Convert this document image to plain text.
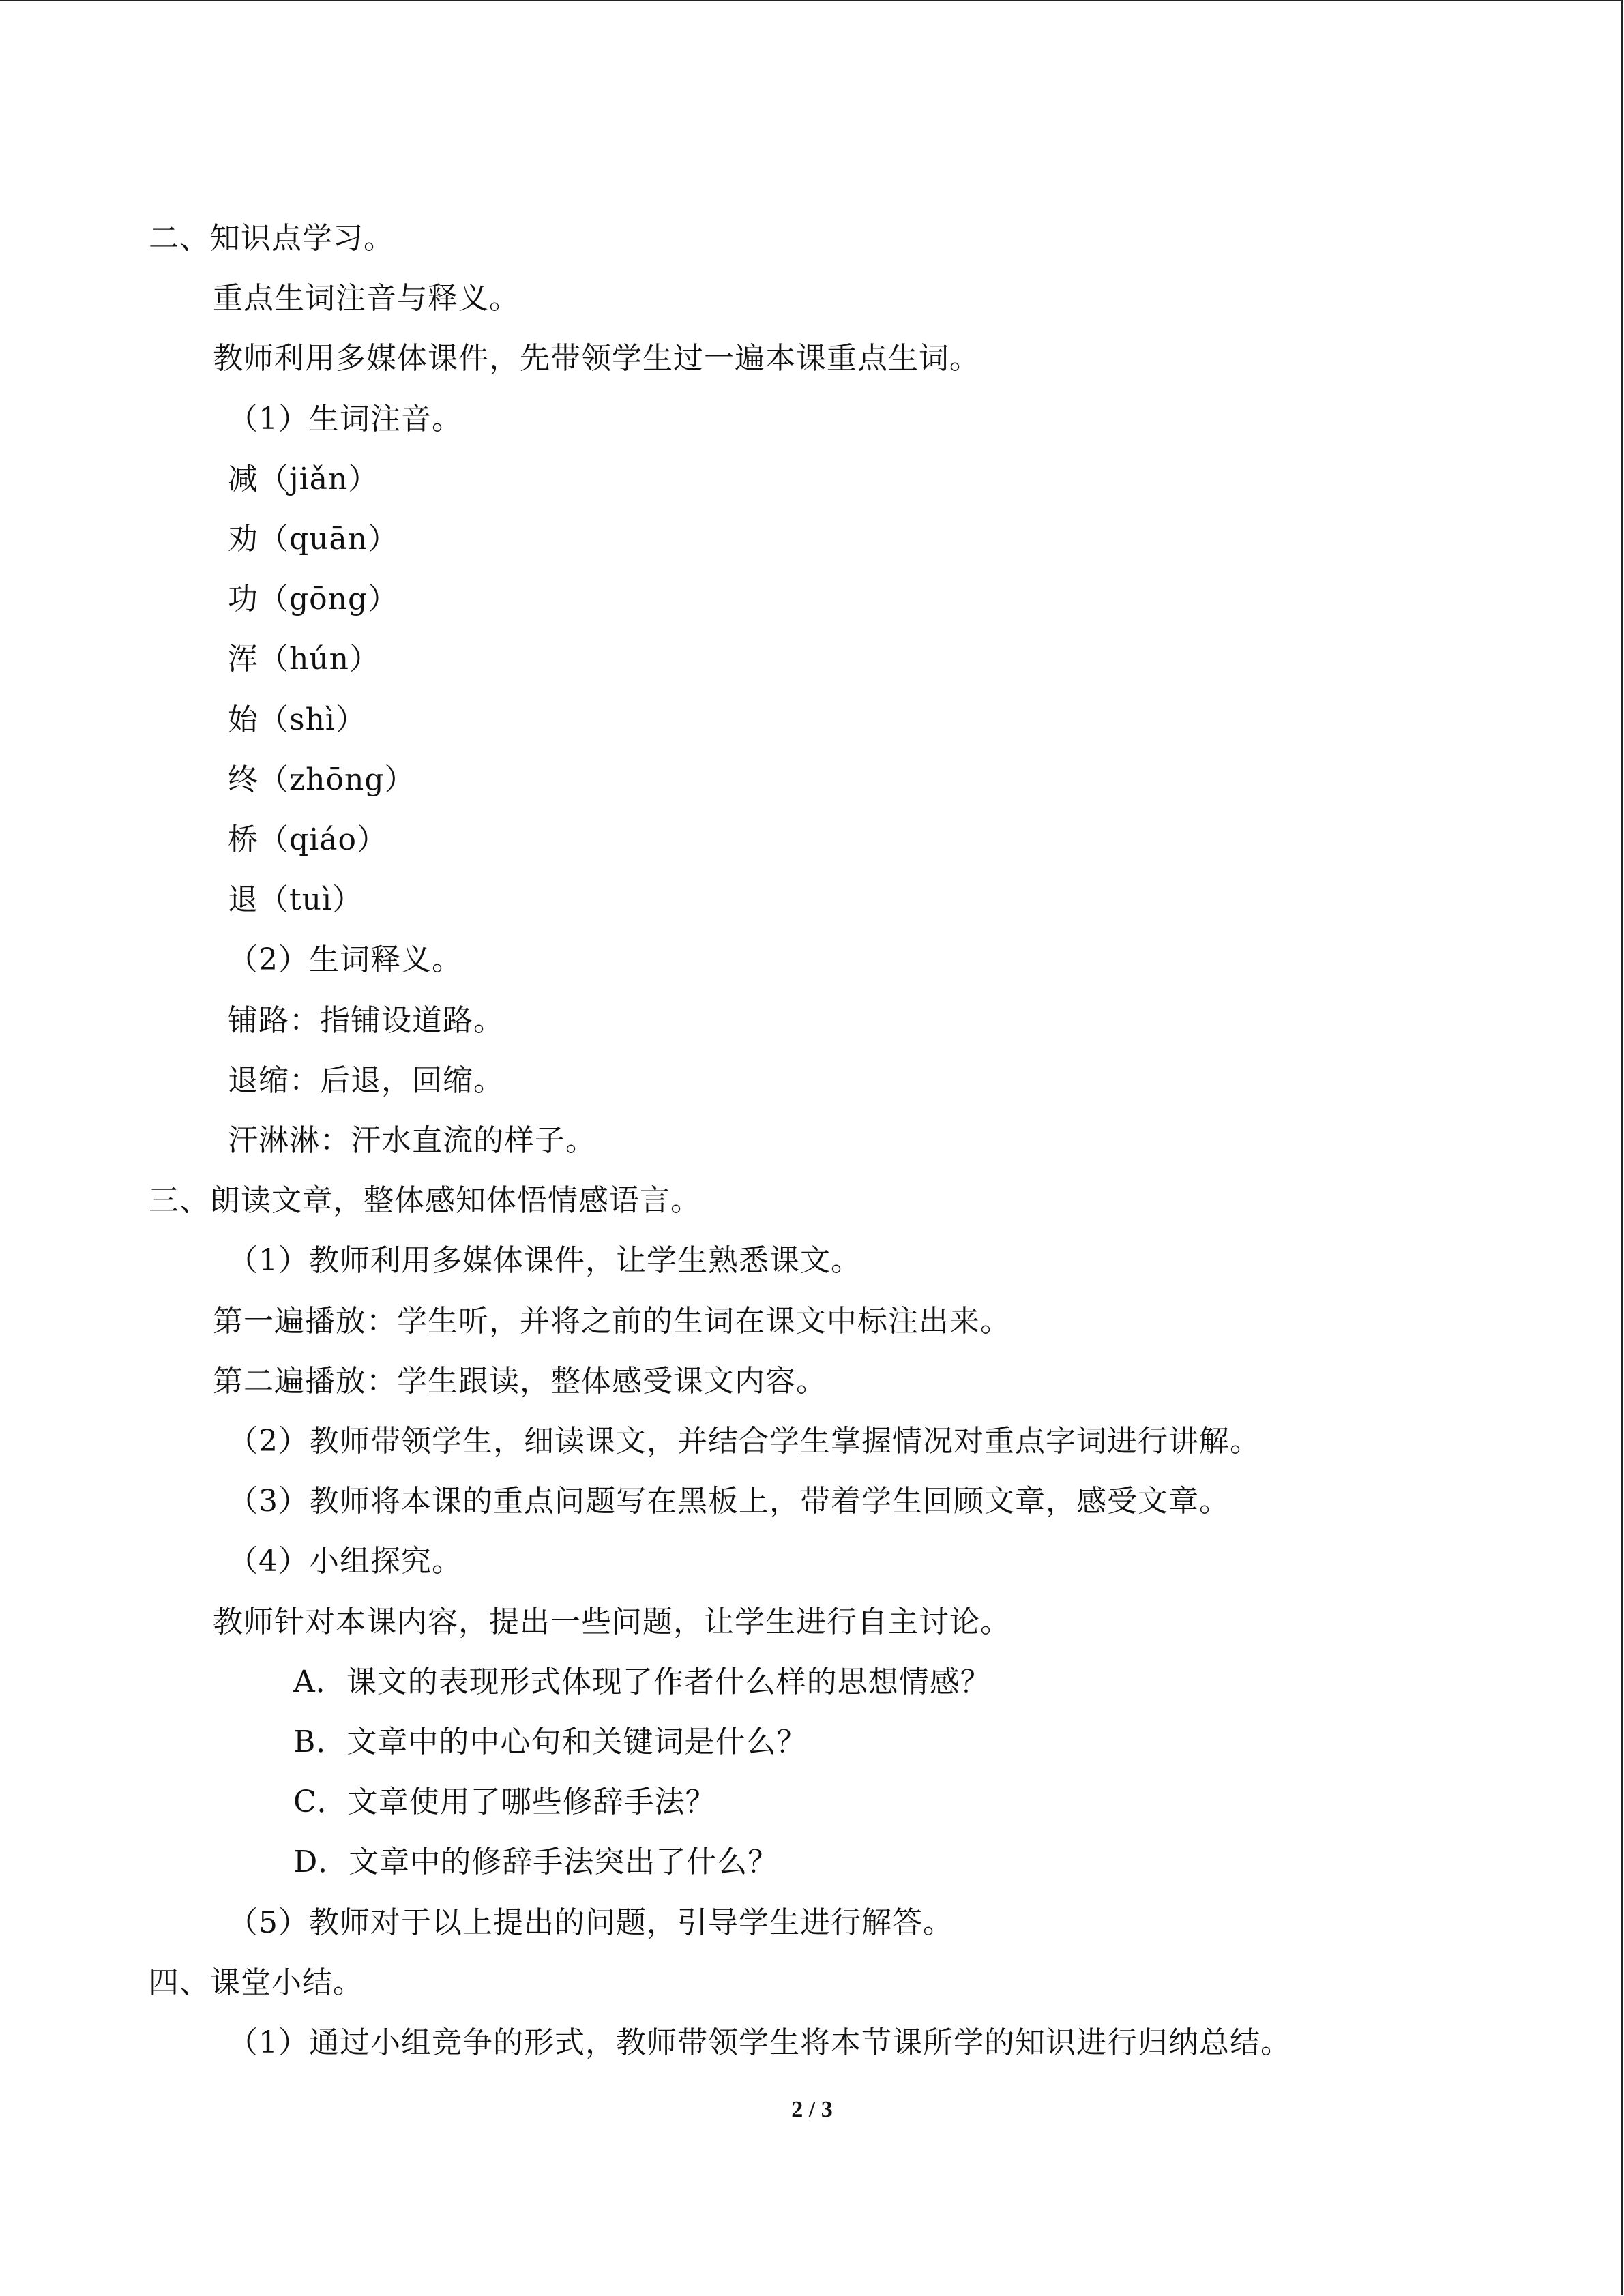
二、知识点学习。
重点生词注音与释义。
教师利用多媒体课件，先带领学生过一遍本课重点生词。
（1）生词注音。
减（jiǎn）
劝（quān）
功（gōng）
浑（hún）
始（shì）
终（zhōng）
桥（qiáo）
退（tuì）
（2）生词释义。
铺路：指铺设道路。
退缩：后退，回缩。
汗淋淋：汗水直流的样子。
三、朗读文章，整体感知体悟情感语言。
（1）教师利用多媒体课件，让学生熟悉课文。
第一遍播放：学生听，并将之前的生词在课文中标注出来。
第二遍播放：学生跟读，整体感受课文内容。
（2）教师带领学生，细读课文，并结合学生掌握情况对重点字词进行讲解。
（3）教师将本课的重点问题写在黑板上，带着学生回顾文章，感受文章。
（4）小组探究。
教师针对本课内容，提出一些问题，让学生进行自主讨论。
A．课文的表现形式体现了作者什么样的思想情感？
B．文章中的中心句和关键词是什么？
C．文章使用了哪些修辞手法？
D．文章中的修辞手法突出了什么？
（5）教师对于以上提出的问题，引导学生进行解答。
四、课堂小结。
（1）通过小组竞争的形式，教师带领学生将本节课所学的知识进行归纳总结。
2 / 3
